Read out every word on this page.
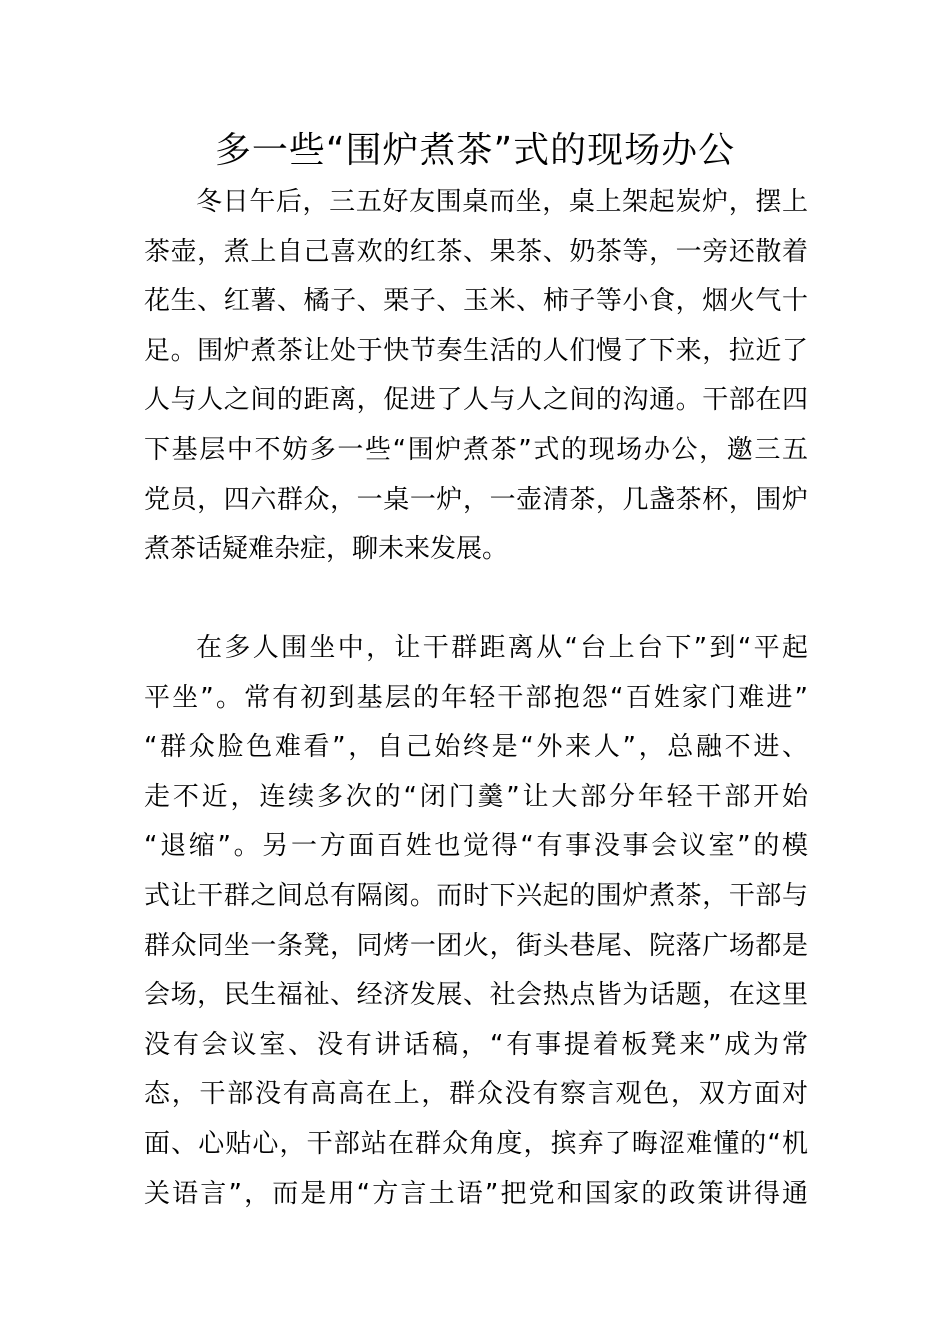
多一些“围炉煮茶”式的现场办公
冬日午后，三五好友围桌而坐，桌上架起炭炉，摆上
茶壶，煮上自己喜欢的红茶、果茶、奶茶等，一旁还散着
花生、红薯、橘子、栗子、玉米、柿子等小食，烟火气十
足。围炉煮茶让处于快节奏生活的人们慢了下来，拉近了
人与人之间的距离，促进了人与人之间的沟通。干部在四
下基层中不妨多一些“围炉煮茶”式的现场办公，邀三五
党员，四六群众，一桌一炉，一壶清茶，几盏茶杯，围炉
煮茶话疑难杂症，聊未来发展。
在多人围坐中，让干群距离从“台上台下”到“平起
平坐”。常有初到基层的年轻干部抱怨“百姓家门难进”
“群众脸色难看”，自己始终是“外来人”，总融不进、
走不近，连续多次的“闭门羹”让大部分年轻干部开始
“退缩”。另一方面百姓也觉得“有事没事会议室”的模
式让干群之间总有隔阂。而时下兴起的围炉煮茶，干部与
群众同坐一条凳，同烤一团火，街头巷尾、院落广场都是
会场，民生福祉、经济发展、社会热点皆为话题，在这里
没有会议室、没有讲话稿，“有事提着板凳来”成为常
态，干部没有高高在上，群众没有察言观色，双方面对
面、心贴心，干部站在群众角度，摈弃了晦涩难懂的“机
关语言”，而是用“方言土语”把党和国家的政策讲得通
